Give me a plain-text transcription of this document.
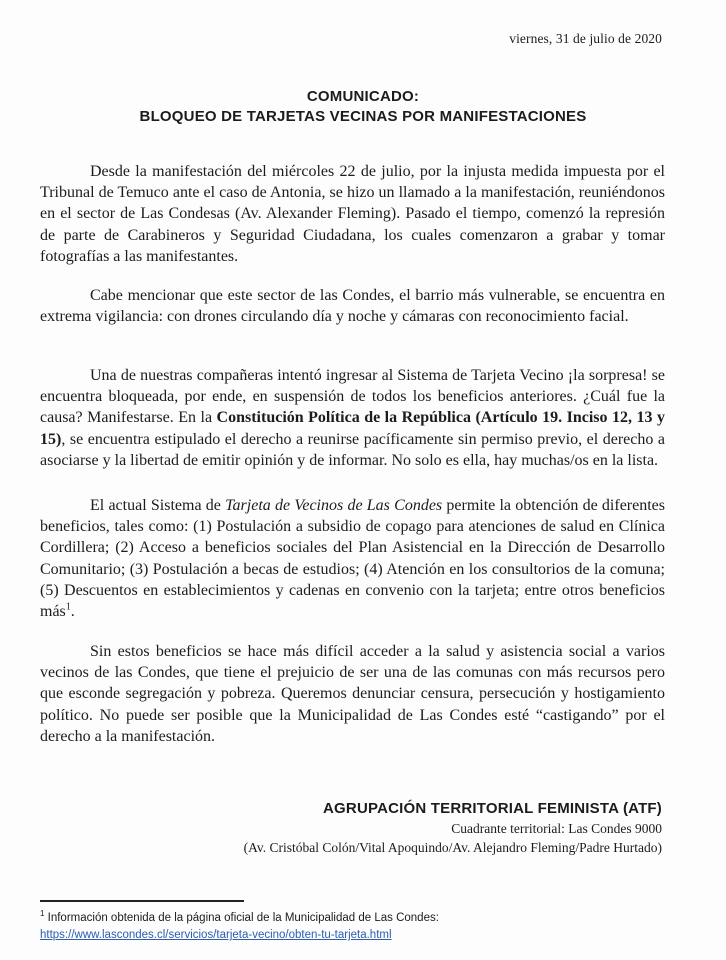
viernes, 31 de julio de 2020
COMUNICADO:
BLOQUEO DE TARJETAS VECINAS POR MANIFESTACIONES

Desde la manifestación del miércoles 22 de julio, por la injusta medida impuesta por el Tribunal de Temuco ante el caso de Antonia, se hizo un llamado a la manifestación, reuniéndonos en el sector de Las Condesas (Av. Alexander Fleming). Pasado el tiempo, comenzó la represión de parte de Carabineros y Seguridad Ciudadana, los cuales comenzaron a grabar y tomar fotografías a las manifestantes.

Cabe mencionar que este sector de las Condes, el barrio más vulnerable, se encuentra en extrema vigilancia: con drones circulando día y noche y cámaras con reconocimiento facial.

Una de nuestras compañeras intentó ingresar al Sistema de Tarjeta Vecino ¡la sorpresa! se encuentra bloqueada, por ende, en suspensión de todos los beneficios anteriores. ¿Cuál fue la causa? Manifestarse. En la Constitución Política de la República (Artículo 19. Inciso 12, 13 y 15), se encuentra estipulado el derecho a reunirse pacíficamente sin permiso previo, el derecho a asociarse y la libertad de emitir opinión y de informar. No solo es ella, hay muchas/os en la lista.

El actual Sistema de Tarjeta de Vecinos de Las Condes permite la obtención de diferentes beneficios, tales como: (1) Postulación a subsidio de copago para atenciones de salud en Clínica Cordillera; (2) Acceso a beneficios sociales del Plan Asistencial en la Dirección de Desarrollo Comunitario; (3) Postulación a becas de estudios; (4) Atención en los consultorios de la comuna; (5) Descuentos en establecimientos y cadenas en convenio con la tarjeta; entre otros beneficios más$^1$.

Sin estos beneficios se hace más difícil acceder a la salud y asistencia social a varios vecinos de las Condes, que tiene el prejuicio de ser una de las comunas con más recursos pero que esconde segregación y pobreza. Queremos denunciar censura, persecución y hostigamiento político. No puede ser posible que la Municipalidad de Las Condes esté “castigando” por el derecho a la manifestación.

AGRUPACIÓN TERRITORIAL FEMINISTA (ATF)
Cuadrante territorial: Las Condes 9000
(Av. Cristóbal Colón/Vital Apoquindo/Av. Alejandro Fleming/Padre Hurtado)
$^1$ Información obtenida de la página oficial de la Municipalidad de Las Condes:
https://www.lascondes.cl/servicios/tarjeta-vecino/obten-tu-tarjeta.html
